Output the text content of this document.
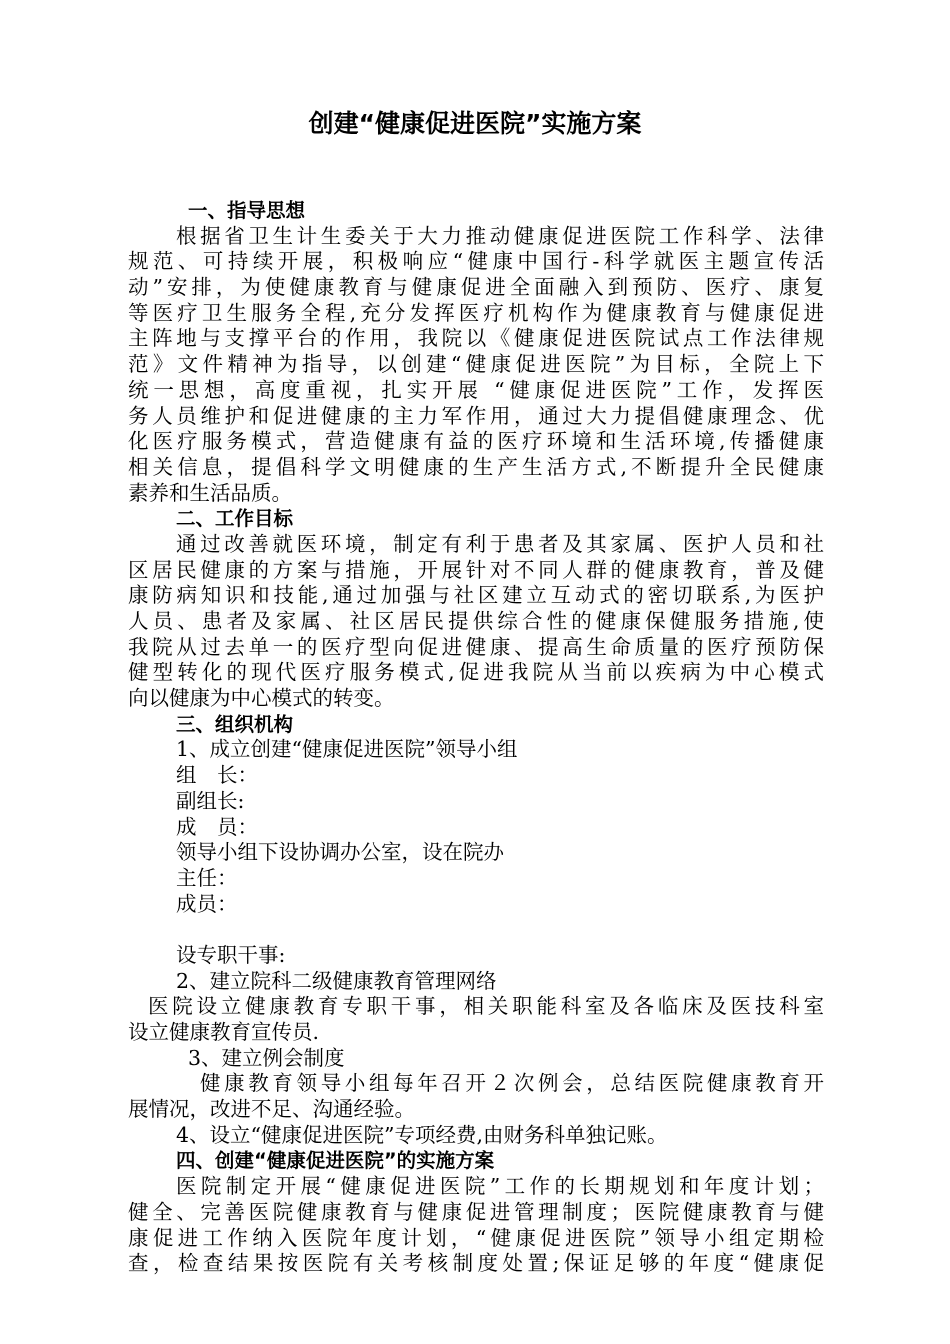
创建“健康促进医院”实施方案
一、指导思想
根据省卫生计生委关于大力推动健康促进医院工作科学、法律
规范、可持续开展，积极响应“健康中国行-科学就医主题宣传活
动”安排，为使健康教育与健康促进全面融入到预防、医疗、康复
等医疗卫生服务全程,充分发挥医疗机构作为健康教育与健康促进
主阵地与支撑平台的作用，我院以《健康促进医院试点工作法律规
范》文件精神为指导，以创建“健康促进医院”为目标，全院上下
统一思想，高度重视，扎实开展 “健康促进医院”工作，发挥医
务人员维护和促进健康的主力军作用，通过大力提倡健康理念、优
化医疗服务模式，营造健康有益的医疗环境和生活环境,传播健康
相关信息，提倡科学文明健康的生产生活方式,不断提升全民健康
素养和生活品质。
二、工作目标
通过改善就医环境，制定有利于患者及其家属、医护人员和社
区居民健康的方案与措施，开展针对不同人群的健康教育，普及健
康防病知识和技能,通过加强与社区建立互动式的密切联系,为医护
人员、患者及家属、社区居民提供综合性的健康保健服务措施,使
我院从过去单一的医疗型向促进健康、提高生命质量的医疗预防保
健型转化的现代医疗服务模式,促进我院从当前以疾病为中心模式
向以健康为中心模式的转变。
三、组织机构
1、成立创建“健康促进医院”领导小组
组　长：
副组长:
成　员：
领导小组下设协调办公室，设在院办
主任：
成员：
设专职干事:
2、建立院科二级健康教育管理网络
医院设立健康教育专职干事，相关职能科室及各临床及医技科室
设立健康教育宣传员.
3、建立例会制度
健康教育领导小组每年召开２次例会，总结医院健康教育开
展情况，改进不足、沟通经验。
4、设立“健康促进医院”专项经费,由财务科单独记账。
四、创建“健康促进医院”的实施方案
医院制定开展“健康促进医院”工作的长期规划和年度计划；
健全、完善医院健康教育与健康促进管理制度；医院健康教育与健
康促进工作纳入医院年度计划，“健康促进医院”领导小组定期检
查，检查结果按医院有关考核制度处置;保证足够的年度“健康促
